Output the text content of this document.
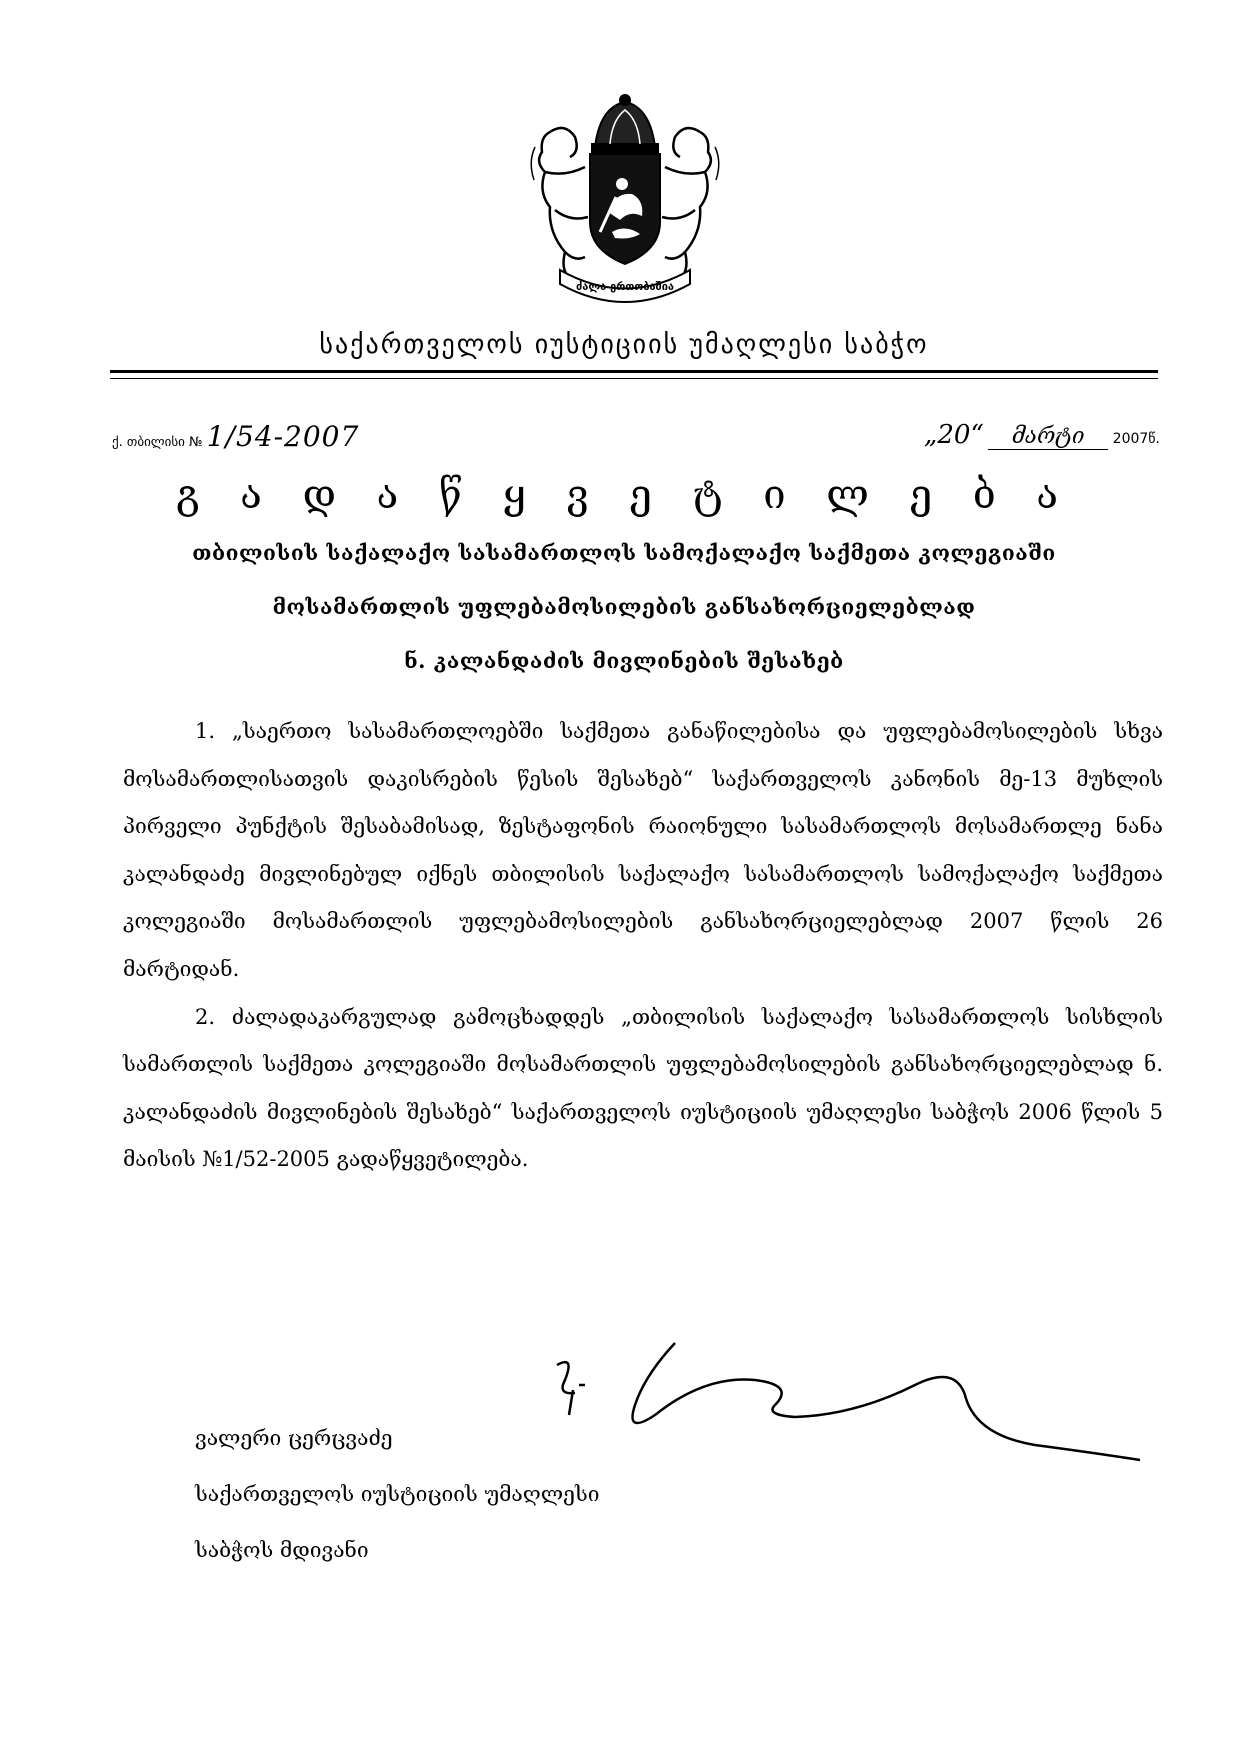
ძალა ერთობაშია
საქართველოს იუსტიციის უმაღლესი საბჭო
ქ. თბილისი № 1/54-2007	„20“ მარტი 2007წ.
გ ა დ ა წ ყ ვ ე ტ ი ლ ე ბ ა
თბილისის საქალაქო სასამართლოს სამოქალაქო საქმეთა კოლეგიაში
მოსამართლის უფლებამოსილების განსახორციელებლად
ნ. კალანდაძის მივლინების შესახებ

1. „საერთო სასამართლოებში საქმეთა განაწილებისა და უფლებამოსილების სხვა მოსამართლისათვის დაკისრების წესის შესახებ“ საქართველოს კანონის მე-13 მუხლის პირველი პუნქტის შესაბამისად, ზესტაფონის რაიონული სასამართლოს მოსამართლე ნანა კალანდაძე მივლინებულ იქნეს თბილისის საქალაქო სასამართლოს სამოქალაქო საქმეთა კოლეგიაში მოსამართლის უფლებამოსილების განსახორციელებლად 2007 წლის 26 მარტიდან.

2. ძალადაკარგულად გამოცხადდეს „თბილისის საქალაქო სასამართლოს სისხლის სამართლის საქმეთა კოლეგიაში მოსამართლის უფლებამოსილების განსახორციელებლად ნ. კალანდაძის მივლინების შესახებ“ საქართველოს იუსტიციის უმაღლესი საბჭოს 2006 წლის 5 მაისის №1/52-2005 გადაწყვეტილება.

ვალერი ცერცვაძე
საქართველოს იუსტიციის უმაღლესი
საბჭოს მდივანი
